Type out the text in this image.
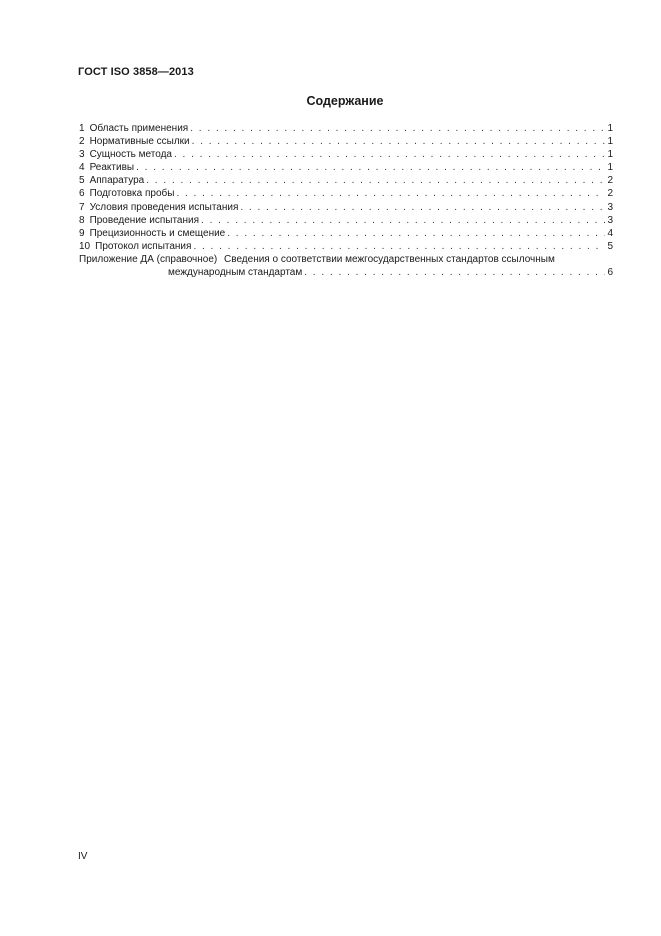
ГОСТ ISO 3858—2013
Содержание
1 Область применения . . .	1
2 Нормативные ссылки . . .	1
3 Сущность метода . . .	1
4 Реактивы . . .	1
5 Аппаратура . . .	2
6 Подготовка пробы . . .	2
7 Условия проведения испытания . . .	3
8 Проведение испытания . . .	3
9 Прецизионность и смещение . . .	4
10 Протокол испытания . . .	5
Приложение ДА (справочное) Сведения о соответствии межгосударственных стандартов ссылочным
международным стандартам . . .	6
IV
